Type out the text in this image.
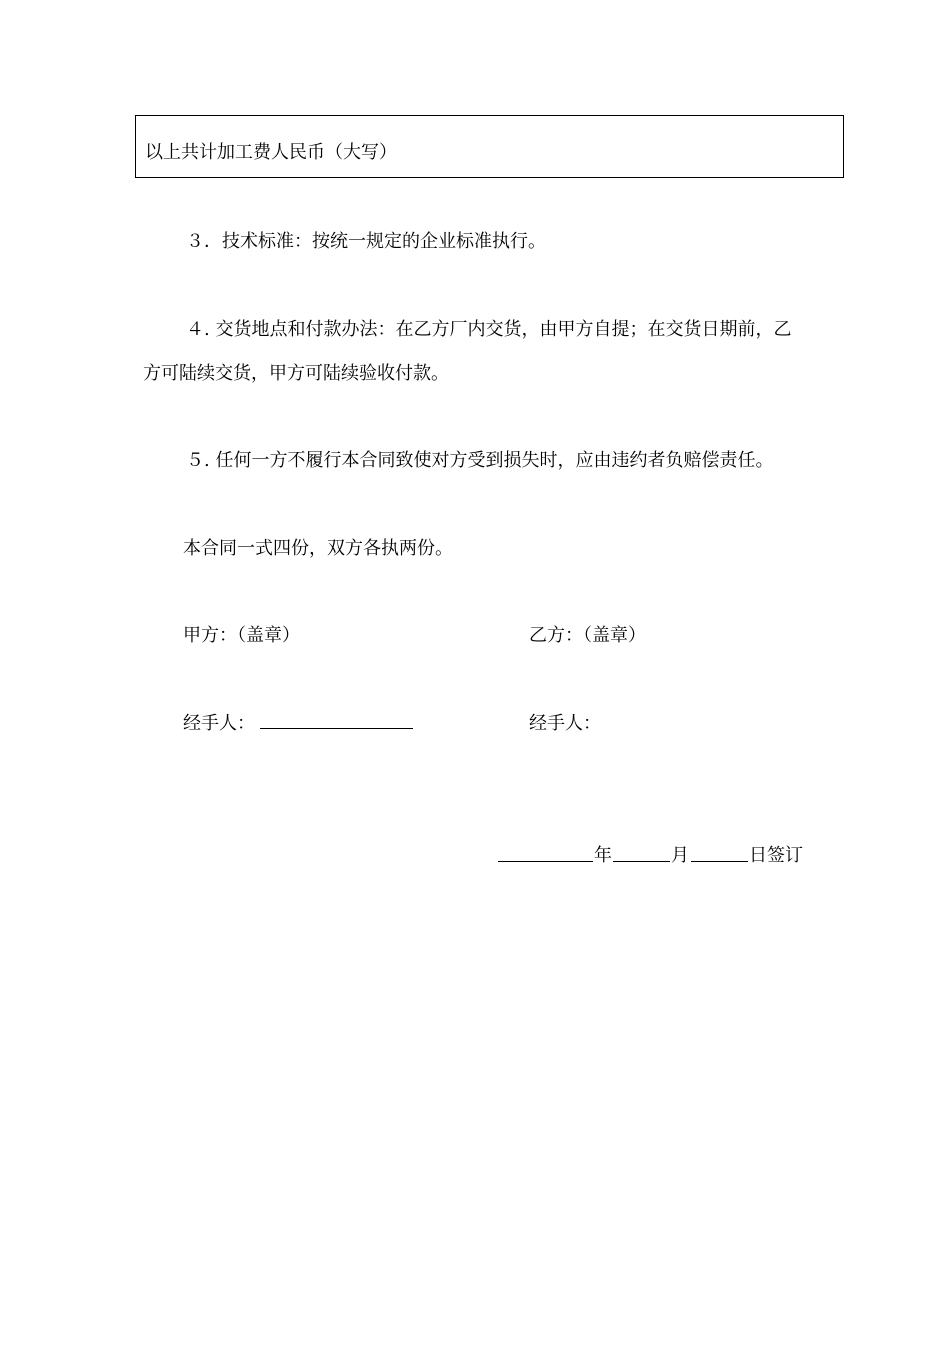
以上共计加工费人民币（大写）
３．技术标准：按统一规定的企业标准执行。
４. 交货地点和付款办法：在乙方厂内交货，由甲方自提；在交货日期前，乙
方可陆续交货，甲方可陆续验收付款。
５. 任何一方不履行本合同致使对方受到损失时，应由违约者负赔偿责任。
本合同一式四份，双方各执两份。
甲方：（盖章）	乙方：（盖章）
经手人：	经手人：
年	月	日签订
